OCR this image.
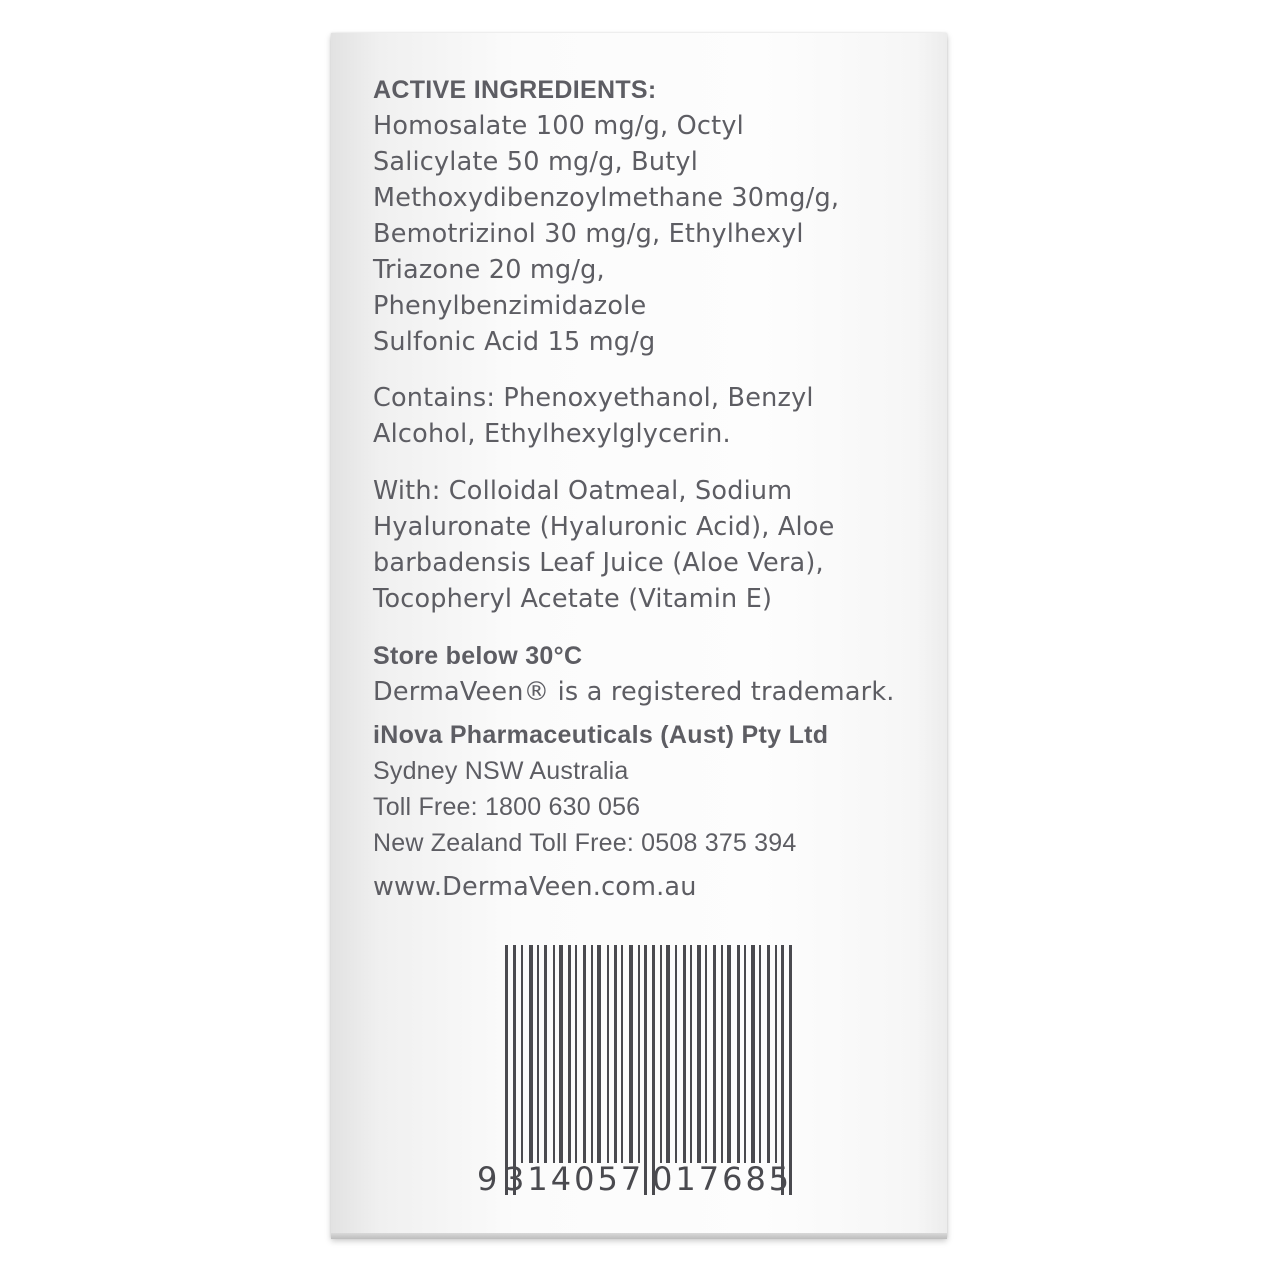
ACTIVE INGREDIENTS:
Homosalate 100 mg/g, Octyl
Salicylate 50 mg/g, Butyl
Methoxydibenzoylmethane 30mg/g,
Bemotrizinol 30 mg/g, Ethylhexyl
Triazone 20 mg/g,
Phenylbenzimidazole
Sulfonic Acid 15 mg/g
Contains: Phenoxyethanol, Benzyl
Alcohol, Ethylhexylglycerin.
With: Colloidal Oatmeal, Sodium
Hyaluronate (Hyaluronic Acid), Aloe
barbadensis Leaf Juice (Aloe Vera),
Tocopheryl Acetate (Vitamin E)
Store below 30°C
DermaVeen® is a registered trademark.
iNova Pharmaceuticals (Aust) Pty Ltd
Sydney NSW Australia
Toll Free: 1800 630 056
New Zealand Toll Free: 0508 375 394
www.DermaVeen.com.au
9 314057 017685
